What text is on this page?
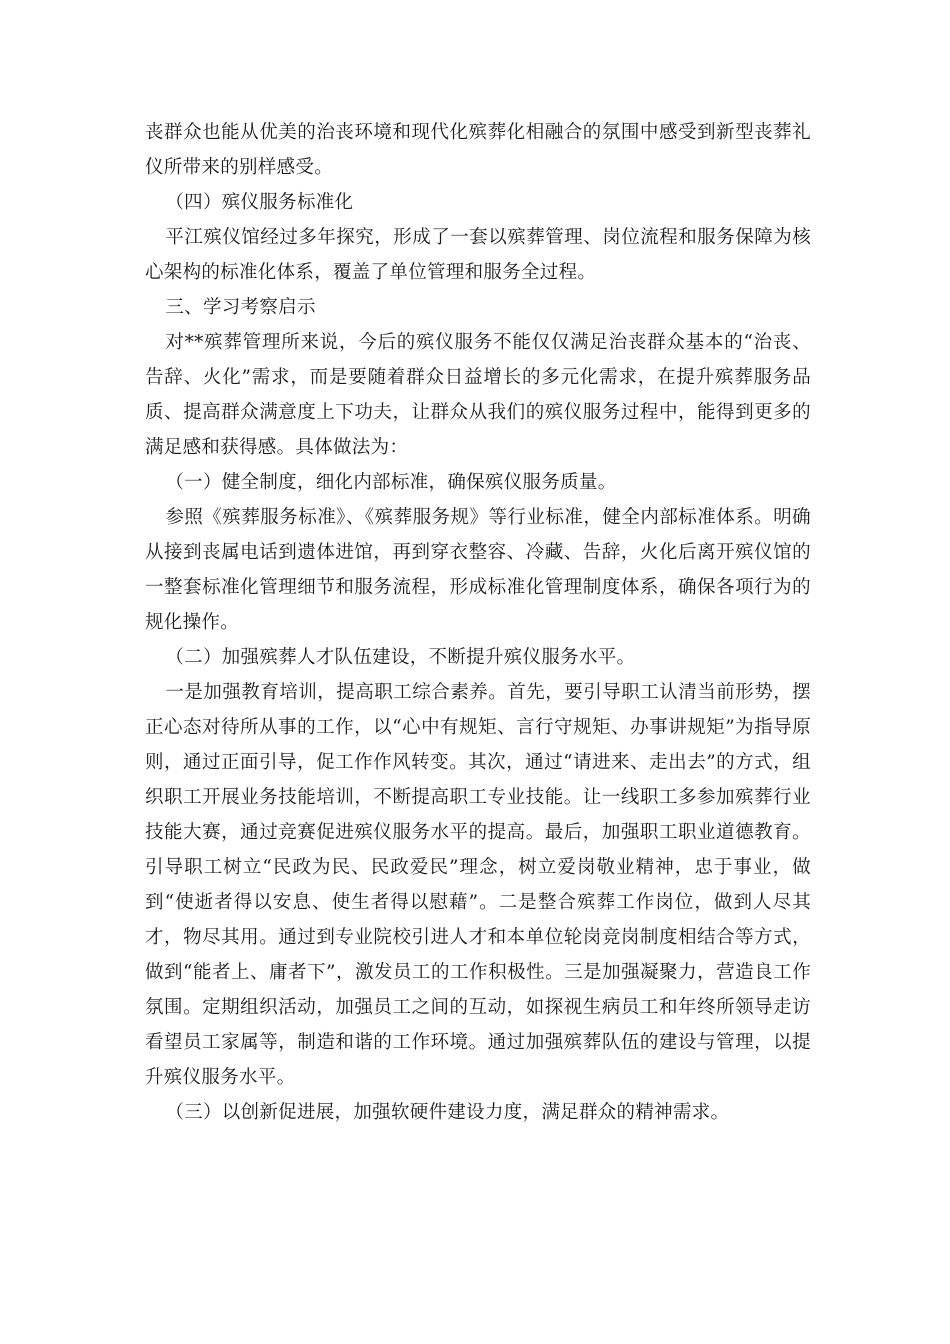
丧群众也能从优美的治丧环境和现代化殡葬化相融合的氛围中感受到新型丧葬礼仪所带来的别样感受。

（四）殡仪服务标准化

平江殡仪馆经过多年探究，形成了一套以殡葬管理、岗位流程和服务保障为核心架构的标准化体系，覆盖了单位管理和服务全过程。

三、学习考察启示

对**殡葬管理所来说，今后的殡仪服务不能仅仅满足治丧群众基本的“治丧、告辞、火化”需求，而是要随着群众日益增长的多元化需求，在提升殡葬服务品质、提高群众满意度上下功夫，让群众从我们的殡仪服务过程中，能得到更多的满足感和获得感。具体做法为：

（一）健全制度，细化内部标准，确保殡仪服务质量。

参照《殡葬服务标准》、《殡葬服务规》等行业标准，健全内部标准体系。明确从接到丧属电话到遗体进馆，再到穿衣整容、冷藏、告辞，火化后离开殡仪馆的一整套标准化管理细节和服务流程，形成标准化管理制度体系，确保各项行为的规化操作。

（二）加强殡葬人才队伍建设，不断提升殡仪服务水平。

一是加强教育培训，提高职工综合素养。首先，要引导职工认清当前形势，摆正心态对待所从事的工作，以“心中有规矩、言行守规矩、办事讲规矩”为指导原则，通过正面引导，促工作作风转变。其次，通过“请进来、走出去”的方式，组织职工开展业务技能培训，不断提高职工专业技能。让一线职工多参加殡葬行业技能大赛，通过竞赛促进殡仪服务水平的提高。最后，加强职工职业道德教育。引导职工树立“民政为民、民政爱民”理念，树立爱岗敬业精神，忠于事业，做到“使逝者得以安息、使生者得以慰藉”。二是整合殡葬工作岗位，做到人尽其才，物尽其用。通过到专业院校引进人才和本单位轮岗竞岗制度相结合等方式，做到“能者上、庸者下”，激发员工的工作积极性。三是加强凝聚力，营造良工作氛围。定期组织活动，加强员工之间的互动，如探视生病员工和年终所领导走访看望员工家属等，制造和谐的工作环境。通过加强殡葬队伍的建设与管理，以提升殡仪服务水平。

（三）以创新促进展，加强软硬件建设力度，满足群众的精神需求。
